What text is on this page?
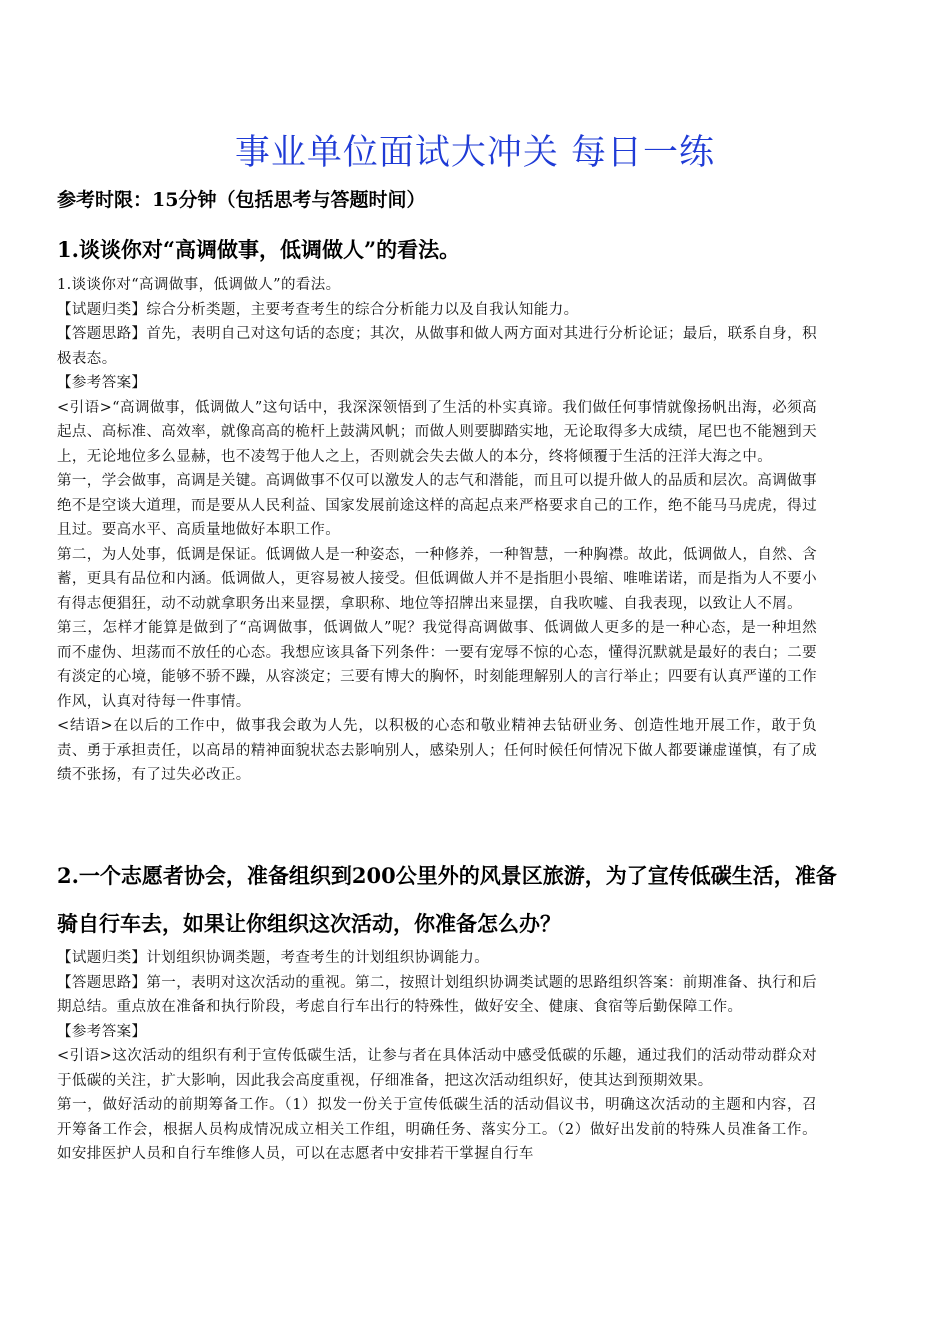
事业单位面试大冲关 每日一练
参考时限：15分钟（包括思考与答题时间）
1.谈谈你对“高调做事，低调做人”的看法。

1.谈谈你对“高调做事，低调做人”的看法。

【试题归类】综合分析类题，主要考查考生的综合分析能力以及自我认知能力。

【答题思路】首先，表明自己对这句话的态度；其次，从做事和做人两方面对其进行分析论证；最后，联系自身，积极表态。

【参考答案】

<引语>“高调做事，低调做人”这句话中，我深深领悟到了生活的朴实真谛。我们做任何事情就像扬帆出海，必须高起点、高标准、高效率，就像高高的桅杆上鼓满风帆；而做人则要脚踏实地，无论取得多大成绩，尾巴也不能翘到天上，无论地位多么显赫，也不凌驾于他人之上，否则就会失去做人的本分，终将倾覆于生活的汪洋大海之中。

第一，学会做事，高调是关键。高调做事不仅可以激发人的志气和潜能，而且可以提升做人的品质和层次。高调做事绝不是空谈大道理，而是要从人民利益、国家发展前途这样的高起点来严格要求自己的工作，绝不能马马虎虎，得过且过。要高水平、高质量地做好本职工作。

第二，为人处事，低调是保证。低调做人是一种姿态，一种修养，一种智慧，一种胸襟。故此，低调做人，自然、含蓄，更具有品位和内涵。低调做人，更容易被人接受。但低调做人并不是指胆小畏缩、唯唯诺诺，而是指为人不要小有得志便猖狂，动不动就拿职务出来显摆，拿职称、地位等招牌出来显摆，自我吹嘘、自我表现，以致让人不屑。

第三，怎样才能算是做到了“高调做事，低调做人”呢？我觉得高调做事、低调做人更多的是一种心态，是一种坦然而不虚伪、坦荡而不放任的心态。我想应该具备下列条件：一要有宠辱不惊的心态，懂得沉默就是最好的表白；二要有淡定的心境，能够不骄不躁，从容淡定；三要有博大的胸怀，时刻能理解别人的言行举止；四要有认真严谨的工作作风，认真对待每一件事情。

<结语>在以后的工作中，做事我会敢为人先，以积极的心态和敬业精神去钻研业务、创造性地开展工作，敢于负责、勇于承担责任，以高昂的精神面貌状态去影响别人，感染别人；任何时候任何情况下做人都要谦虚谨慎，有了成绩不张扬，有了过失必改正。

2.一个志愿者协会，准备组织到200公里外的风景区旅游，为了宣传低碳生活，准备骑自行车去，如果让你组织这次活动，你准备怎么办？

【试题归类】计划组织协调类题，考查考生的计划组织协调能力。

【答题思路】第一，表明对这次活动的重视。第二，按照计划组织协调类试题的思路组织答案：前期准备、执行和后期总结。重点放在准备和执行阶段，考虑自行车出行的特殊性，做好安全、健康、食宿等后勤保障工作。

【参考答案】

<引语>这次活动的组织有利于宣传低碳生活，让参与者在具体活动中感受低碳的乐趣，通过我们的活动带动群众对于低碳的关注，扩大影响，因此我会高度重视，仔细准备，把这次活动组织好，使其达到预期效果。

第一，做好活动的前期筹备工作。（1）拟发一份关于宣传低碳生活的活动倡议书，明确这次活动的主题和内容，召开筹备工作会，根据人员构成情况成立相关工作组，明确任务、落实分工。（2）做好出发前的特殊人员准备工作。如安排医护人员和自行车维修人员，可以在志愿者中安排若干掌握自行车
